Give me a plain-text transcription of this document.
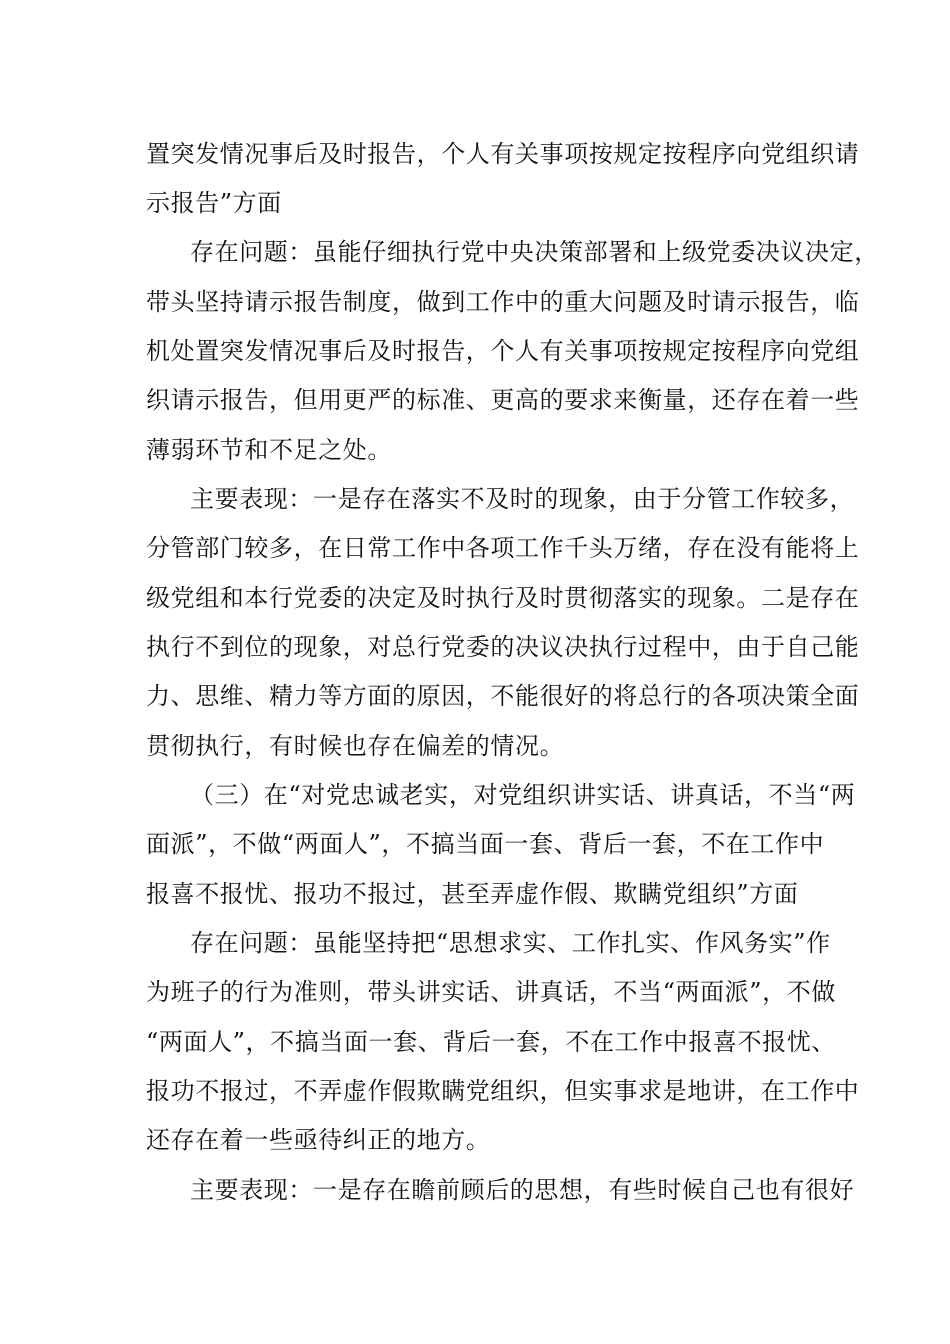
置突发情况事后及时报告，个人有关事项按规定按程序向党组织请
示报告”方面
存在问题：虽能仔细执行党中央决策部署和上级党委决议决定，
带头坚持请示报告制度，做到工作中的重大问题及时请示报告，临
机处置突发情况事后及时报告，个人有关事项按规定按程序向党组
织请示报告，但用更严的标准、更高的要求来衡量，还存在着一些
薄弱环节和不足之处。
主要表现：一是存在落实不及时的现象，由于分管工作较多，
分管部门较多，在日常工作中各项工作千头万绪，存在没有能将上
级党组和本行党委的决定及时执行及时贯彻落实的现象。二是存在
执行不到位的现象，对总行党委的决议决执行过程中，由于自己能
力、思维、精力等方面的原因，不能很好的将总行的各项决策全面
贯彻执行，有时候也存在偏差的情况。
（三）在“对党忠诚老实，对党组织讲实话、讲真话，不当“两
面派”，不做“两面人”，不搞当面一套、背后一套，不在工作中
报喜不报忧、报功不报过，甚至弄虚作假、欺瞒党组织”方面
存在问题：虽能坚持把“思想求实、工作扎实、作风务实”作
为班子的行为准则，带头讲实话、讲真话，不当“两面派”，不做
“两面人”，不搞当面一套、背后一套，不在工作中报喜不报忧、
报功不报过，不弄虚作假欺瞒党组织，但实事求是地讲，在工作中
还存在着一些亟待纠正的地方。
主要表现：一是存在瞻前顾后的思想，有些时候自己也有很好
